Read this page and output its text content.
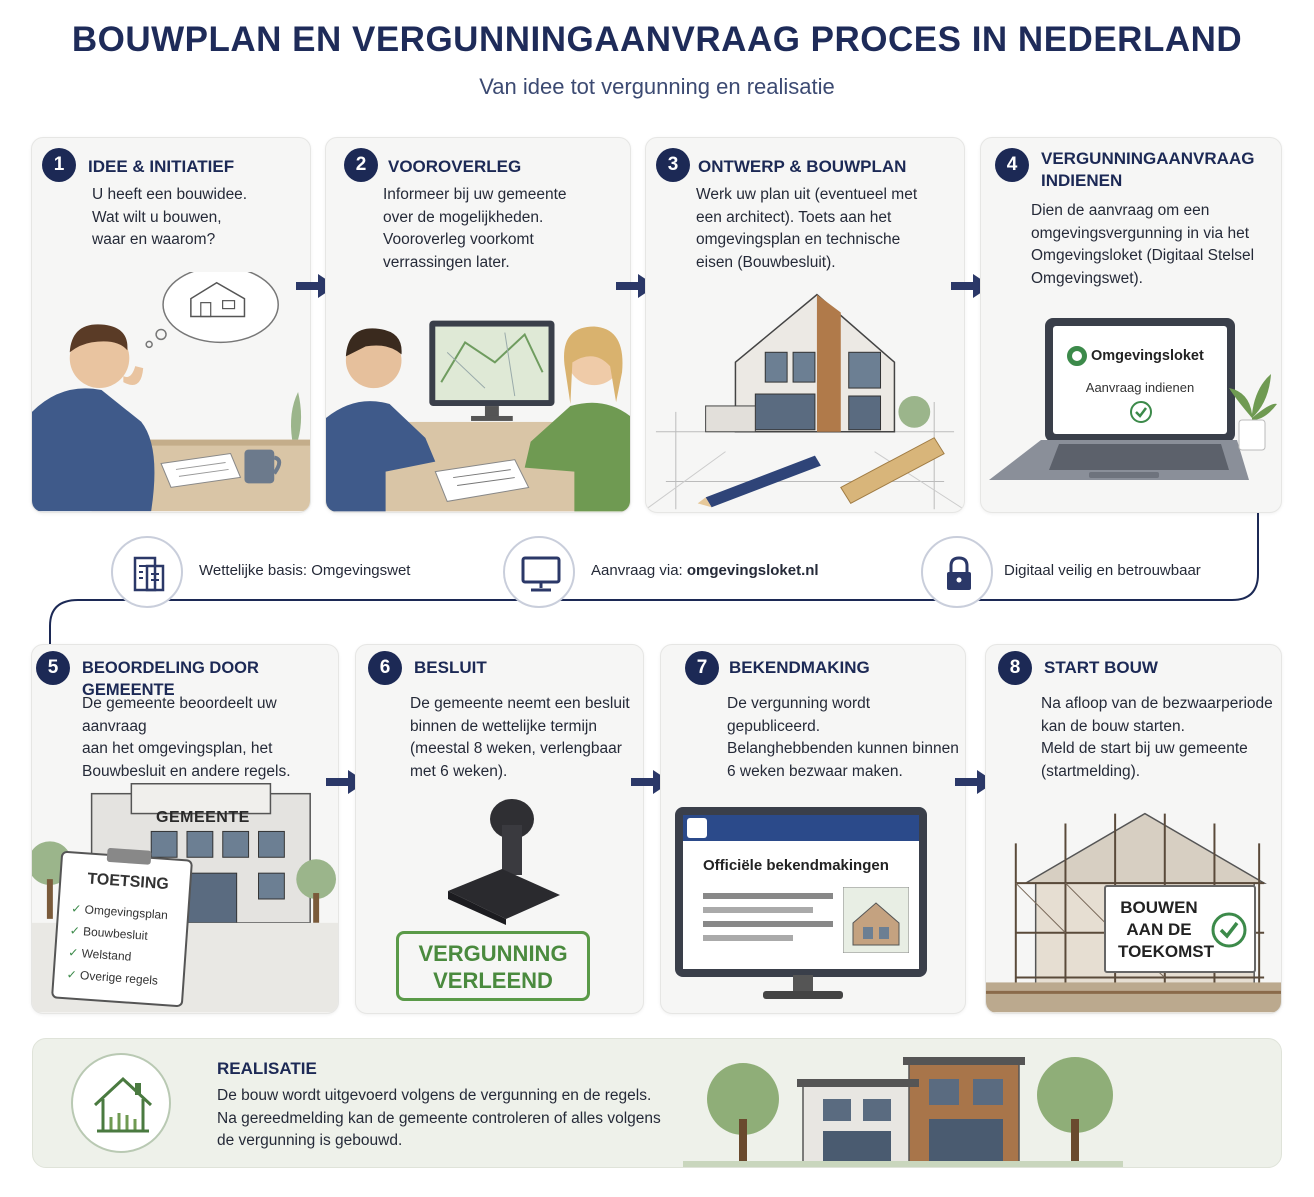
BOUWPLAN EN VERGUNNINGAANVRAAG PROCES IN NEDERLAND
Van idee tot vergunning en realisatie
1	IDEE & INITIATIEF
U heeft een bouwidee.
Wat wilt u bouwen,
waar en waarom?
2	VOOROVERLEG
Informeer bij uw gemeente
over de mogelijkheden.
Vooroverleg voorkomt
verrassingen later.
3	ONTWERP & BOUWPLAN
Werk uw plan uit (eventueel met
een architect). Toets aan het
omgevingsplan en technische
eisen (Bouwbesluit).
4	VERGUNNINGAANVRAAG
INDIENEN
Dien de aanvraag om een
omgevingsvergunning in via het
Omgevingsloket (Digitaal Stelsel
Omgevingswet).
Omgevingsloket
Aanvraag indienen
Wettelijke basis: Omgevingswet	Aanvraag via: omgevingsloket.nl	Digitaal veilig en betrouwbaar
5	BEOORDELING DOOR GEMEENTE
De gemeente beoordeelt uw aanvraag
aan het omgevingsplan, het
Bouwbesluit en andere regels.
GEMEENTE
TOETSING
✓ Omgevingsplan
✓ Bouwbesluit
✓ Welstand
✓ Overige regels
6	BESLUIT
De gemeente neemt een besluit
binnen de wettelijke termijn
(meestal 8 weken, verlengbaar
met 6 weken).
VERGUNNING
VERLEEND
7	BEKENDMAKING
De vergunning wordt gepubliceerd.
Belanghebbenden kunnen binnen
6 weken bezwaar maken.
Officiële bekendmakingen
8	START BOUW
Na afloop van de bezwaarperiode
kan de bouw starten.
Meld de start bij uw gemeente
(startmelding).
BOUWEN
AAN DE
TOEKOMST
REALISATIE
De bouw wordt uitgevoerd volgens de vergunning en de regels.
Na gereedmelding kan de gemeente controleren of alles volgens
de vergunning is gebouwd.
